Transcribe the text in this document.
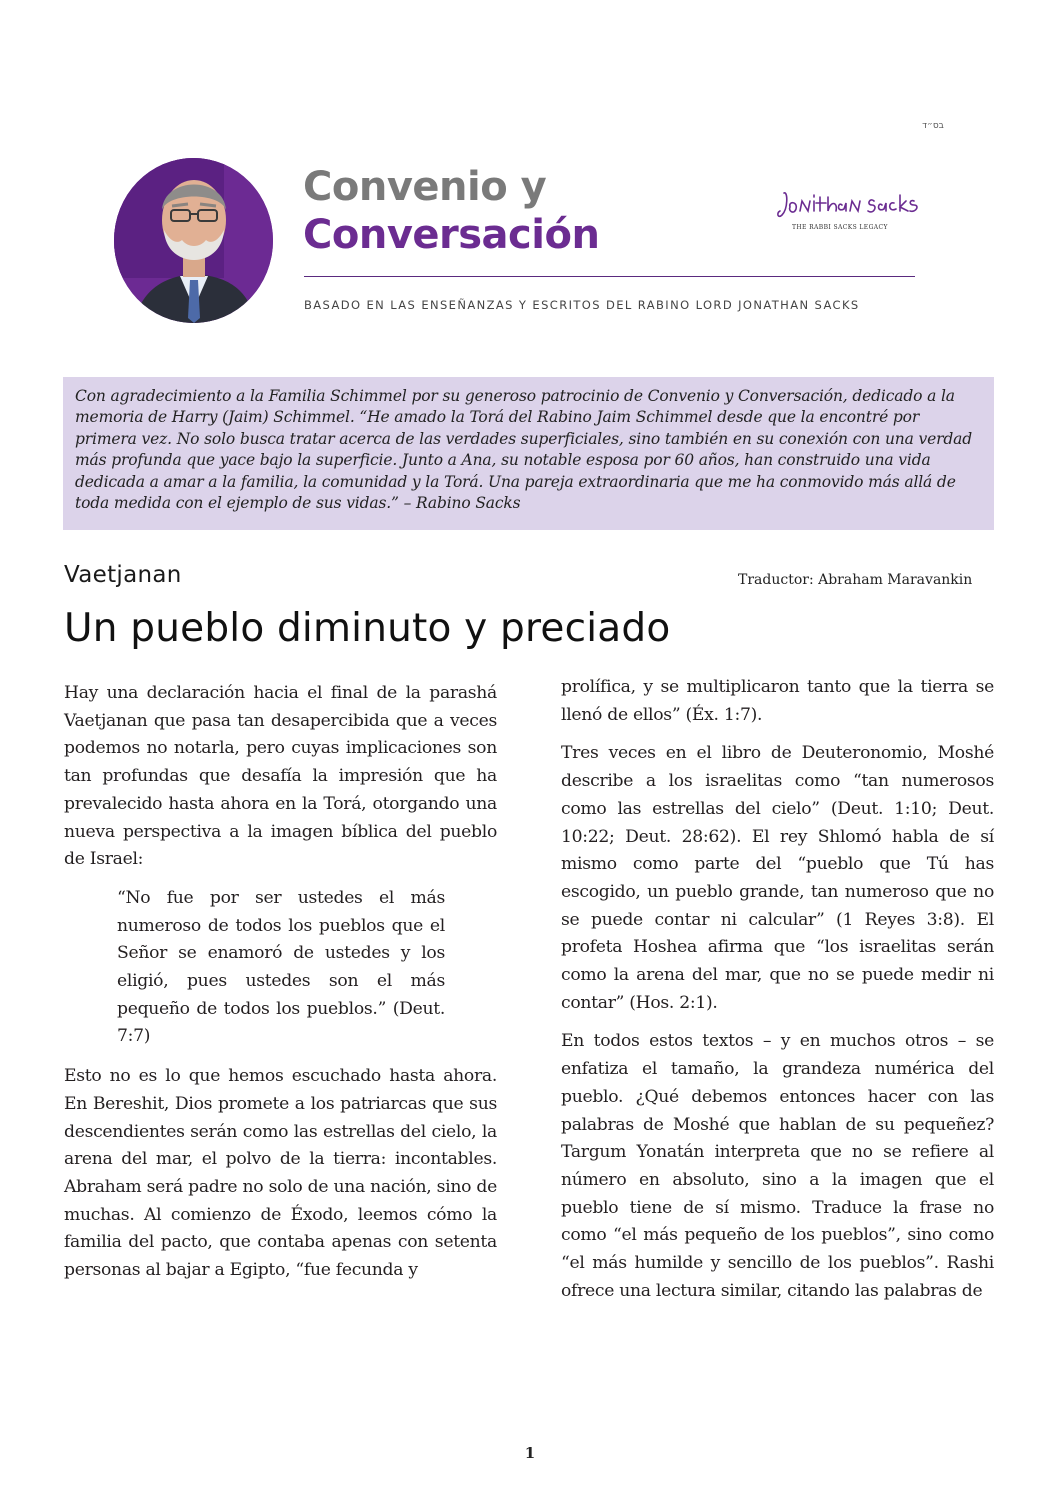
בס״ד
Convenio y
Conversación	THE RABBI SACKS LEGACY
BASADO EN LAS ENSEÑANZAS Y ESCRITOS DEL RABINO LORD JONATHAN SACKS

Con agradecimiento a la Familia Schimmel por su generoso patrocinio de Convenio y Conversación, dedicado a la memoria de Harry (Jaim) Schimmel. “He amado la Torá del Rabino Jaim Schimmel desde que la encontré por primera vez. No solo busca tratar acerca de las verdades superficiales, sino también en su conexión con una verdad más profunda que yace bajo la superficie. Junto a Ana, su notable esposa por 60 años, han construido una vida dedicada a amar a la familia, la comunidad y la Torá. Una pareja extraordinaria que me ha conmovido más allá de toda medida con el ejemplo de sus vidas.” – Rabino Sacks

Vaetjanan	Traductor: Abraham Maravankin
Un pueblo diminuto y preciado

Hay una declaración hacia el final de la parashá Vaetjanan que pasa tan desapercibida que a veces podemos no notarla, pero cuyas implicaciones son tan profundas que desafía la impresión que ha prevalecido hasta ahora en la Torá, otorgando una nueva perspectiva a la imagen bíblica del pueblo de Israel:

“No fue por ser ustedes el más numeroso de todos los pueblos que el Señor se enamoró de ustedes y los eligió, pues ustedes son el más pequeño de todos los pueblos.” (Deut. 7:7)

Esto no es lo que hemos escuchado hasta ahora. En Bereshit, Dios promete a los patriarcas que sus descendientes serán como las estrellas del cielo, la arena del mar, el polvo de la tierra: incontables. Abraham será padre no solo de una nación, sino de muchas. Al comienzo de Éxodo, leemos cómo la familia del pacto, que contaba apenas con setenta personas al bajar a Egipto, “fue fecunda y

prolífica, y se multiplicaron tanto que la tierra se llenó de ellos” (Éx. 1:7).

Tres veces en el libro de Deuteronomio, Moshé describe a los israelitas como “tan numerosos como las estrellas del cielo” (Deut. 1:10; Deut. 10:22; Deut. 28:62). El rey Shlomó habla de sí mismo como parte del “pueblo que Tú has escogido, un pueblo grande, tan numeroso que no se puede contar ni calcular” (1 Reyes 3:8). El profeta Hoshea afirma que “los israelitas serán como la arena del mar, que no se puede medir ni contar” (Hos. 2:1).

En todos estos textos – y en muchos otros – se enfatiza el tamaño, la grandeza numérica del pueblo. ¿Qué debemos entonces hacer con las palabras de Moshé que hablan de su pequeñez? Targum Yonatán interpreta que no se refiere al número en absoluto, sino a la imagen que el pueblo tiene de sí mismo. Traduce la frase no como “el más pequeño de los pueblos”, sino como “el más humilde y sencillo de los pueblos”. Rashi ofrece una lectura similar, citando las palabras de

1
